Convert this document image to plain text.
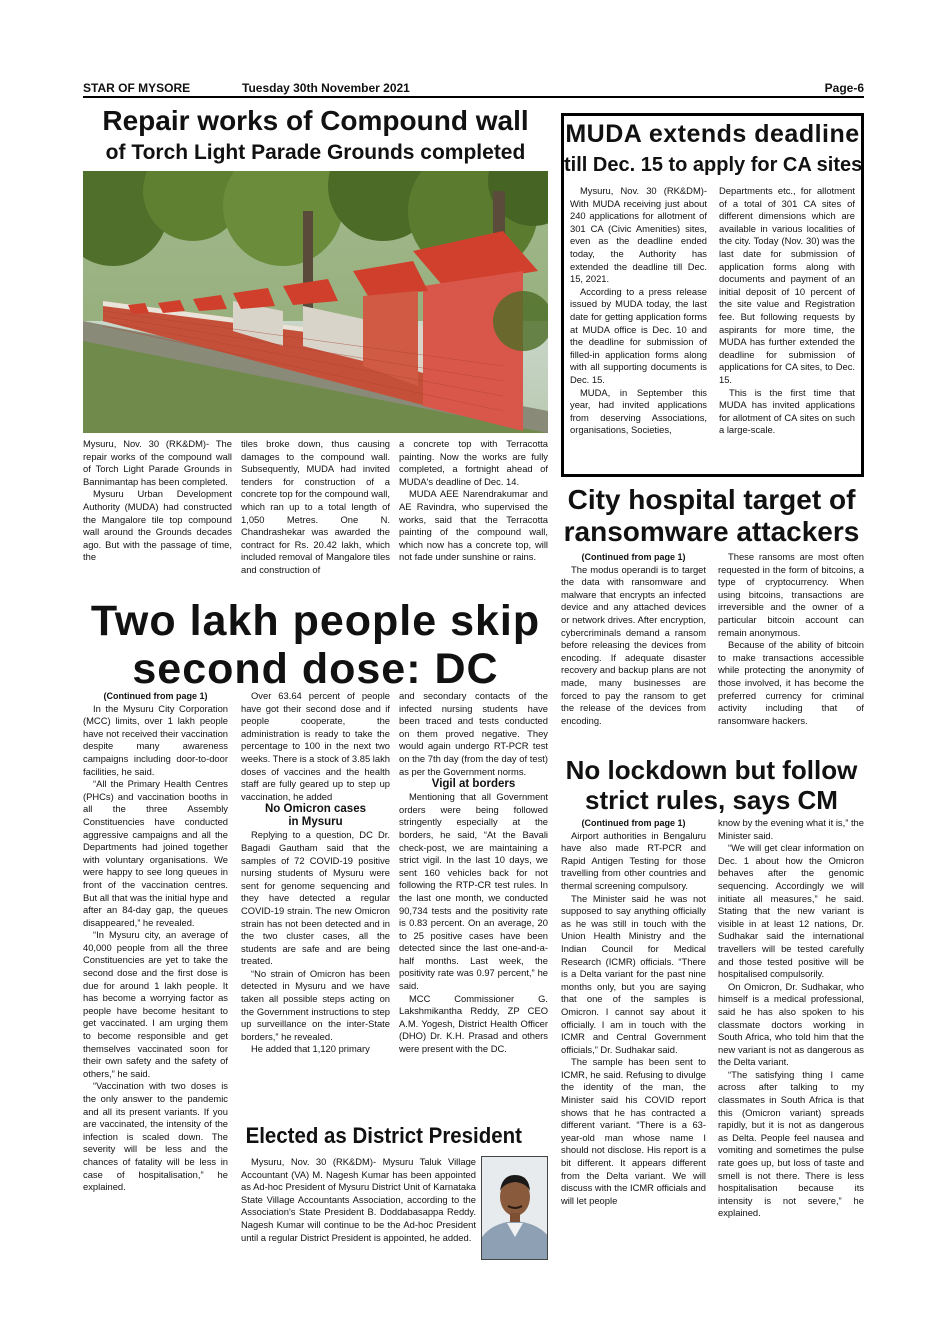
STAR OF MYSORE	Tuesday 30th November 2021	Page-6
Repair works of Compound wall
of Torch Light Parade Grounds completed

Mysuru, Nov. 30 (RK&DM)- The repair works of the compound wall of Torch Light Parade Grounds in Bannimantap has been completed.

Mysuru Urban Development Authority (MUDA) had constructed the Mangalore tile top compound wall around the Grounds decades ago. But with the passage of time, the

tiles broke down, thus causing damages to the compound wall. Subsequently, MUDA had invited tenders for construction of a concrete top for the compound wall, which ran up to a total length of 1,050 Metres. One N. Chandrashekar was awarded the contract for Rs. 20.42 lakh, which included removal of Mangalore tiles and construction of

a concrete top with Terracotta painting. Now the works are fully completed, a fortnight ahead of MUDA's deadline of Dec. 14.

MUDA AEE Narendrakumar and AE Ravindra, who supervised the works, said that the Terracotta painting of the compound wall, which now has a concrete top, will not fade under sunshine or rains.

MUDA extends deadline
till Dec. 15 to apply for CA sites

Mysuru, Nov. 30 (RK&DM)- With MUDA receiving just about 240 applications for allotment of 301 CA (Civic Amenities) sites, even as the deadline ended today, the Authority has extended the deadline till Dec. 15, 2021.

According to a press release issued by MUDA today, the last date for getting application forms at MUDA office is Dec. 10 and the deadline for submission of filled-in application forms along with all supporting documents is Dec. 15.

MUDA, in September this year, had invited applications from deserving Associations, organisations, Societies,

Departments etc., for allotment of a total of 301 CA sites of different dimensions which are available in various localities of the city. Today (Nov. 30) was the last date for submission of application forms along with documents and payment of an initial deposit of 10 percent of the site value and Registration fee. But following requests by aspirants for more time, the MUDA has further extended the deadline for submission of applications for CA sites, to Dec. 15.

This is the first time that MUDA has invited applications for allotment of CA sites on such a large-scale.

City hospital target of
ransomware attackers

(Continued from page 1)

The modus operandi is to target the data with ransomware and malware that encrypts an infected device and any attached devices or network drives. After encryption, cybercriminals demand a ransom before releasing the devices from encoding. If adequate disaster recovery and backup plans are not made, many businesses are forced to pay the ransom to get the release of the devices from encoding.

These ransoms are most often requested in the form of bitcoins, a type of cryptocurrency. When using bitcoins, transactions are irreversible and the owner of a particular bitcoin account can remain anonymous.

Because of the ability of bitcoin to make transactions accessible while protecting the anonymity of those involved, it has become the preferred currency for criminal activity including that of ransomware hackers.

Two lakh people skip
second dose: DC

(Continued from page 1)

In the Mysuru City Corporation (MCC) limits, over 1 lakh people have not received their vaccination despite many awareness campaigns including door-to-door facilities, he said.

“All the Primary Health Centres (PHCs) and vaccination booths in all the three Assembly Constituencies have conducted aggressive campaigns and all the Departments had joined together with voluntary organisations. We were happy to see long queues in front of the vaccination centres. But all that was the initial hype and after an 84-day gap, the queues disappeared,” he revealed.

“In Mysuru city, an average of 40,000 people from all the three Constituencies are yet to take the second dose and the first dose is due for around 1 lakh people. It has become a worrying factor as people have become hesitant to get vaccinated. I am urging them to become responsible and get themselves vaccinated soon for their own safety and the safety of others,” he said.

“Vaccination with two doses is the only answer to the pandemic and all its present variants. If you are vaccinated, the intensity of the infection is scaled down. The severity will be less and the chances of fatality will be less in case of hospitalisation,” he explained.

Over 63.64 percent of people have got their second dose and if people cooperate, the administration is ready to take the percentage to 100 in the next two weeks. There is a stock of 3.85 lakh doses of vaccines and the health staff are fully geared up to step up vaccination, he added

No Omicron cases

in Mysuru

Replying to a question, DC Dr. Bagadi Gautham said that the samples of 72 COVID-19 positive nursing students of Mysuru were sent for genome sequencing and they have detected a regular COVID-19 strain. The new Omicron strain has not been detected and in the two cluster cases, all the students are safe and are being treated.

“No strain of Omicron has been detected in Mysuru and we have taken all possible steps acting on the Government instructions to step up surveillance on the inter-State borders,” he revealed.

He added that 1,120 primary

and secondary contacts of the infected nursing students have been traced and tests conducted on them proved negative. They would again undergo RT-PCR test on the 7th day (from the day of test) as per the Government norms.

Vigil at borders

Mentioning that all Government orders were being followed stringently especially at the borders, he said, “At the Bavali check-post, we are maintaining a strict vigil. In the last 10 days, we sent 160 vehicles back for not following the RTP-CR test rules. In the last one month, we conducted 90,734 tests and the positivity rate is 0.83 percent. On an average, 20 to 25 positive cases have been detected since the last one-and-a-half months. Last week, the positivity rate was 0.97 percent,” he said.

MCC Commissioner G. Lakshmikantha Reddy, ZP CEO A.M. Yogesh, District Health Officer (DHO) Dr. K.H. Prasad and others were present with the DC.

No lockdown but follow
strict rules, says CM

(Continued from page 1)

Airport authorities in Bengaluru have also made RT-PCR and Rapid Antigen Testing for those travelling from other countries and thermal screening compulsory.

The Minister said he was not supposed to say anything officially as he was still in touch with the Union Health Ministry and the Indian Council for Medical Research (ICMR) officials. “There is a Delta variant for the past nine months only, but you are saying that one of the samples is Omicron. I cannot say about it officially. I am in touch with the ICMR and Central Government officials,” Dr. Sudhakar said.

The sample has been sent to ICMR, he said. Refusing to divulge the identity of the man, the Minister said his COVID report shows that he has contracted a different variant. “There is a 63-year-old man whose name I should not disclose. His report is a bit different. It appears different from the Delta variant. We will discuss with the ICMR officials and will let people

know by the evening what it is,” the Minister said.

“We will get clear information on Dec. 1 about how the Omicron behaves after the genomic sequencing. Accordingly we will initiate all measures,” he said. Stating that the new variant is visible in at least 12 nations, Dr. Sudhakar said the international travellers will be tested carefully and those tested positive will be hospitalised compulsorily.

On Omicron, Dr. Sudhakar, who himself is a medical professional, said he has also spoken to his classmate doctors working in South Africa, who told him that the new variant is not as dangerous as the Delta variant.

“The satisfying thing I came across after talking to my classmates in South Africa is that this (Omicron variant) spreads rapidly, but it is not as dangerous as Delta. People feel nausea and vomiting and sometimes the pulse rate goes up, but loss of taste and smell is not there. There is less hospitalisation because its intensity is not severe,” he explained.

Elected as District President

Mysuru, Nov. 30 (RK&DM)- Mysuru Taluk Village Accountant (VA) M. Nagesh Kumar has been appointed as Ad-hoc President of Mysuru District Unit of Karnataka State Village Accountants Association, according to the Association's State President B. Doddabasappa Reddy. Nagesh Kumar will continue to be the Ad-hoc President until a regular District President is appointed, he added.
